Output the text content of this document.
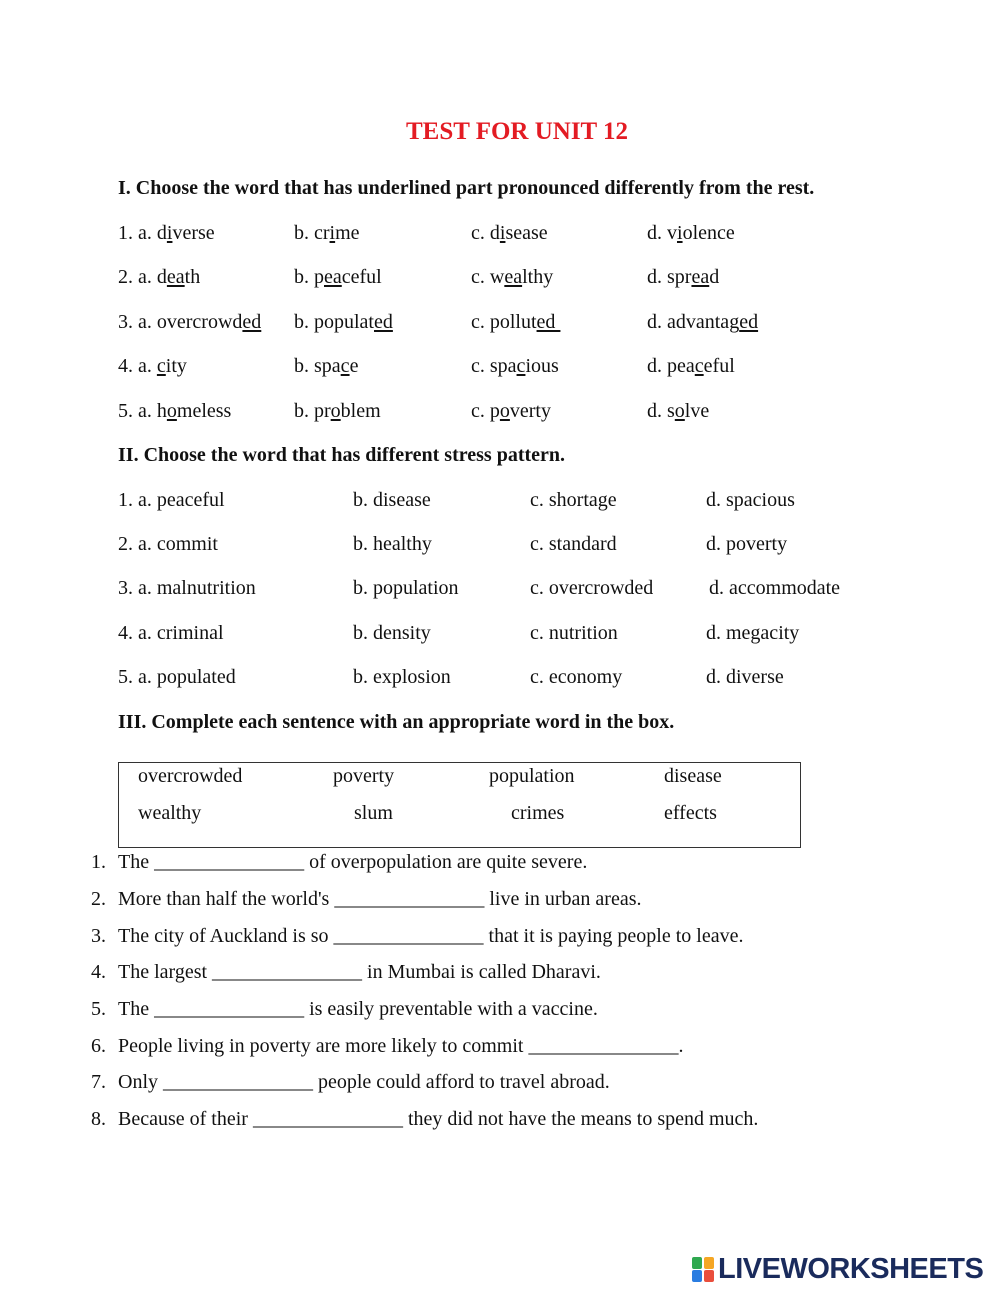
TEST FOR UNIT 12
I. Choose the word that has underlined part pronounced differently from the rest.
1. a. diverse	b. crime	c. disease	d. violence
2. a. death	b. peaceful	c. wealthy	d. spread
3. a. overcrowded b. populated	c. polluted	d. advantaged
4. a. city	b. space	c. spacious	d. peaceful
5. a. homeless	b. problem	c. poverty	d. solve
II. Choose the word that has different stress pattern.
1. a. peaceful	b. disease	c. shortage	d. spacious
2. a. commit	b. healthy	c. standard	d. poverty
3. a. malnutrition	b. population	c. overcrowded	d. accommodate
4. a. criminal	b. density	c. nutrition	d. megacity
5. a. populated	b. explosion	c. economy	d. diverse
III. Complete each sentence with an appropriate word in the box.
overcrowded	poverty	population	disease
wealthy	slum	crimes	effects
1. The _______________ of overpopulation are quite severe.
2. More than half the world's _______________ live in urban areas.
3. The city of Auckland is so _______________ that it is paying people to leave.
4. The largest _______________ in Mumbai is called Dharavi.
5. The _______________ is easily preventable with a vaccine.
6. People living in poverty are more likely to commit _______________.
7. Only _______________ people could afford to travel abroad.
8. Because of their _______________ they did not have the means to spend much.
LIVEWORKSHEETS
